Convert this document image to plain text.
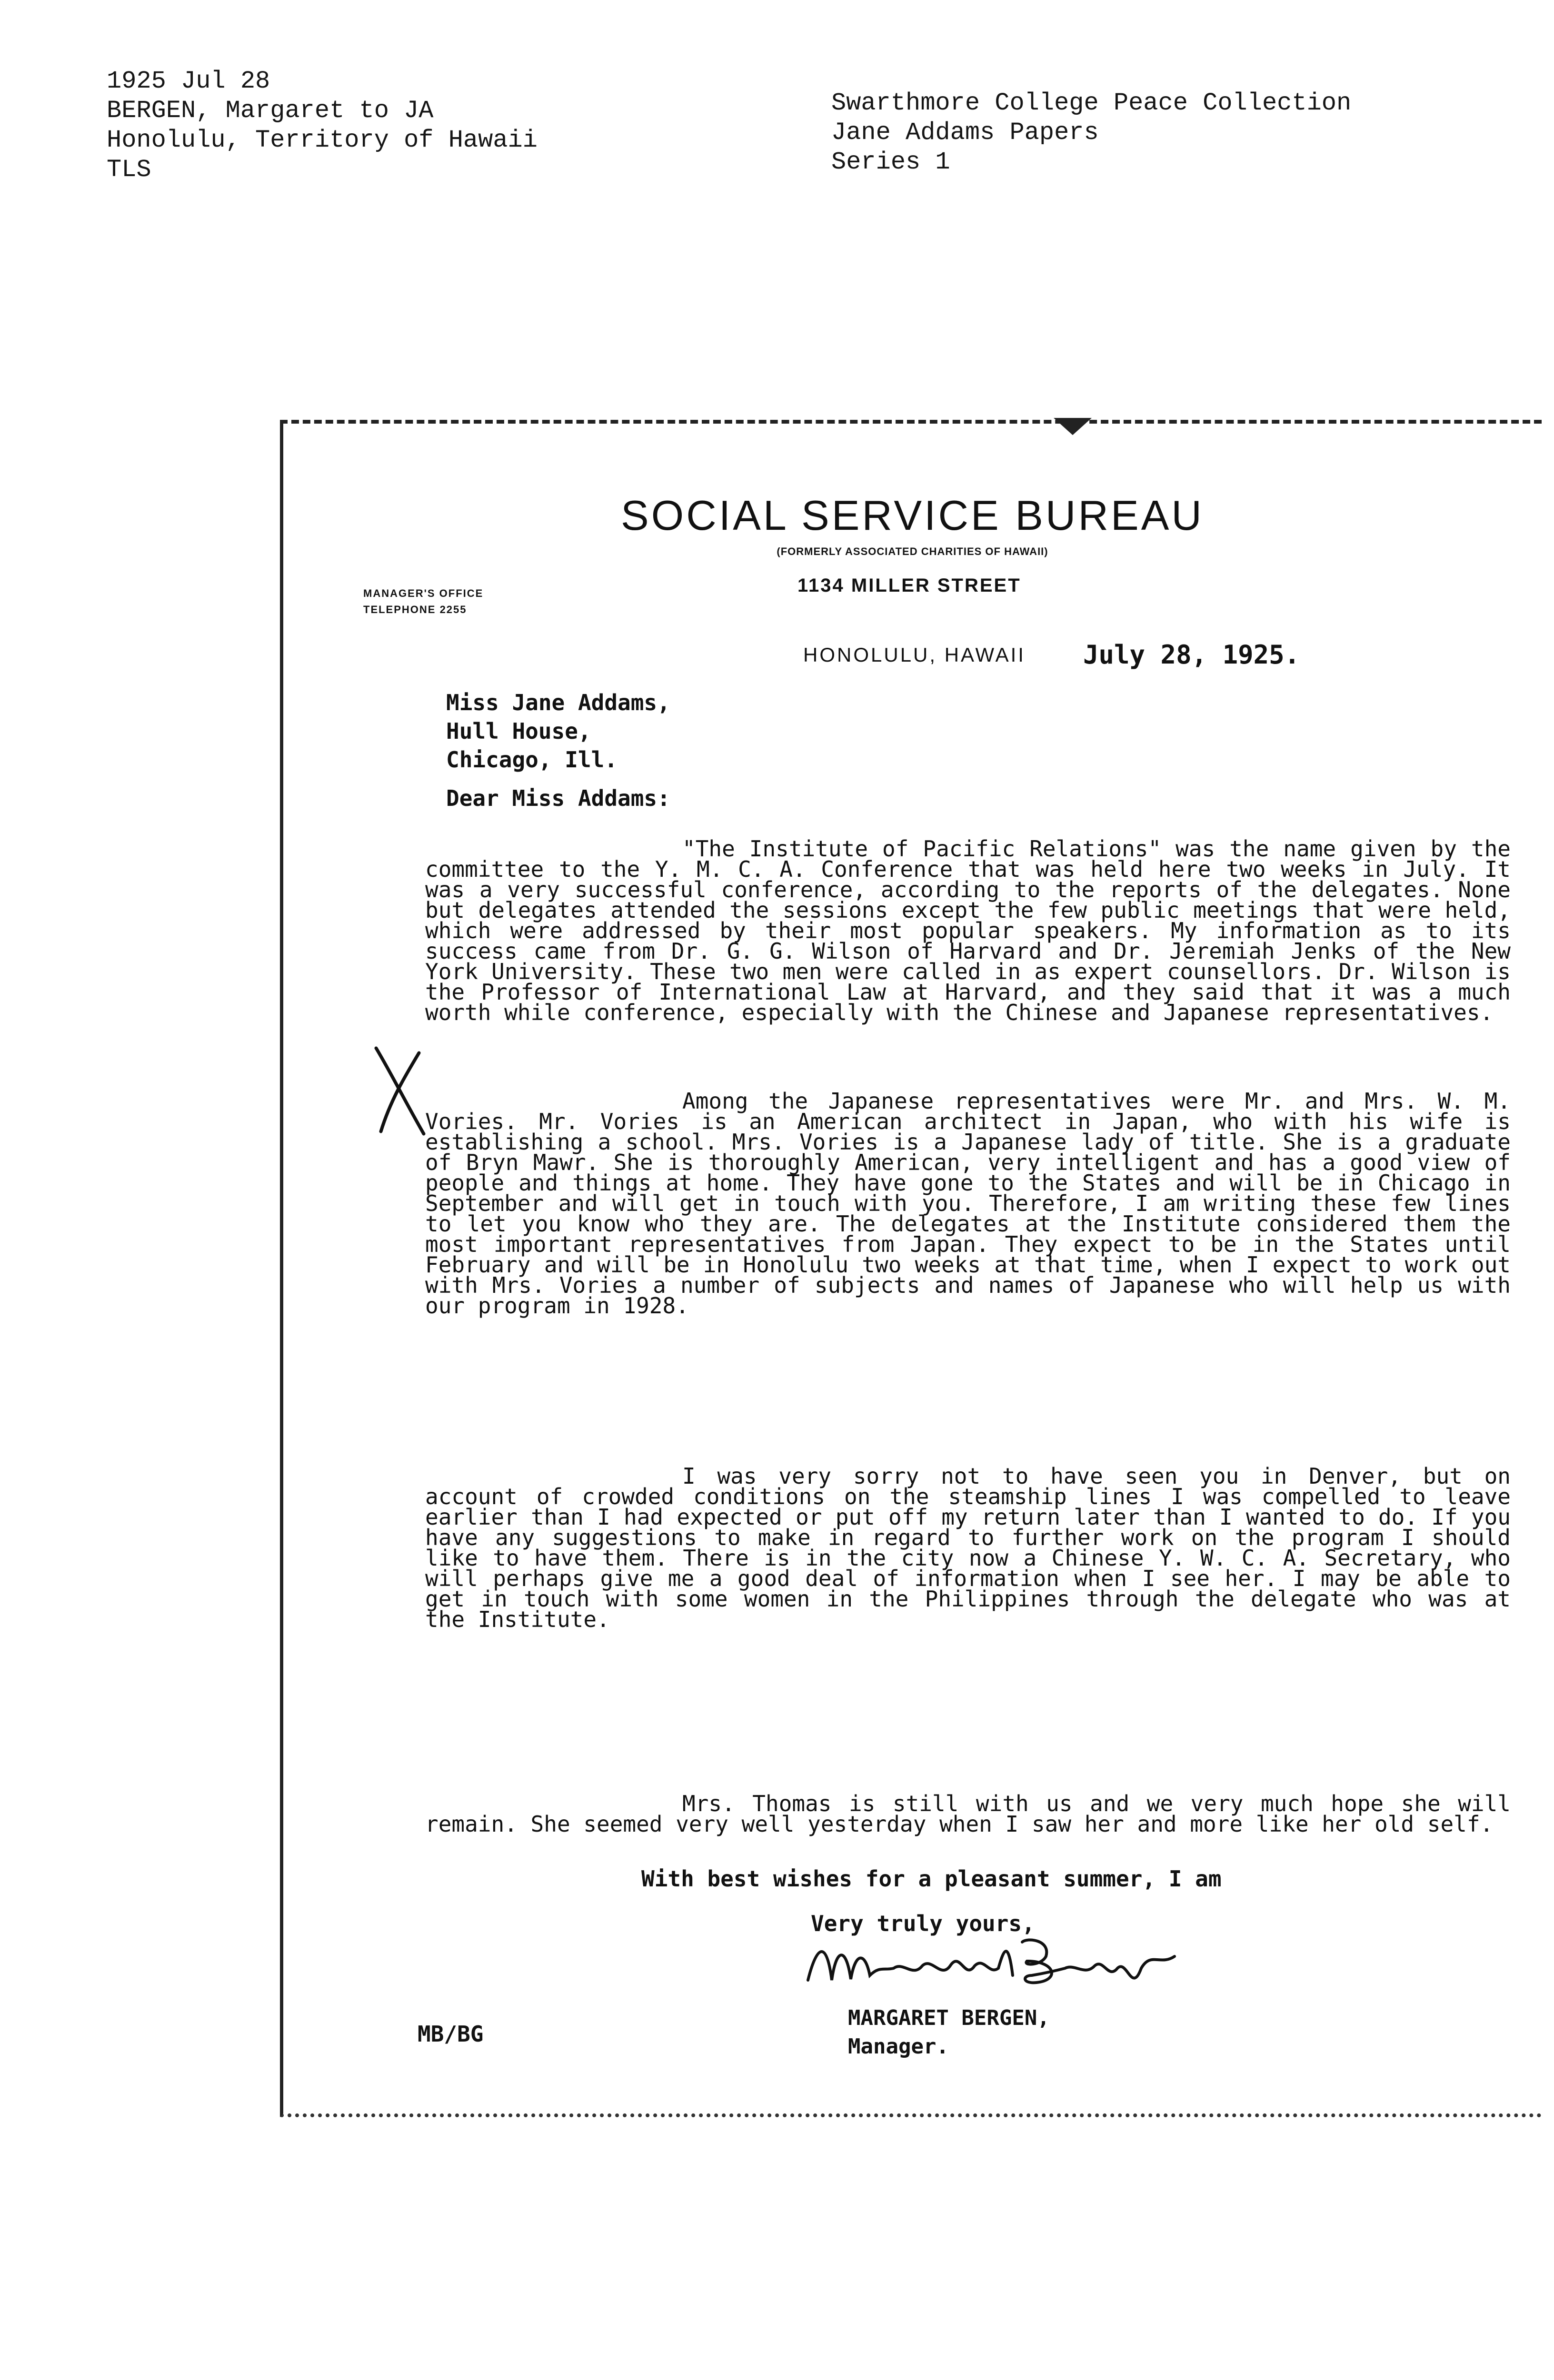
1925 Jul 28
BERGEN, Margaret to JA
Honolulu, Territory of Hawaii
TLS
Swarthmore College Peace Collection
Jane Addams Papers
Series 1
SOCIAL SERVICE BUREAU
(FORMERLY ASSOCIATED CHARITIES OF HAWAII)
MANAGER'S OFFICE
TELEPHONE 2255
1134 MILLER STREET
HONOLULU, HAWAII July 28, 1925.
Miss Jane Addams,
Hull House,
Chicago, Ill.
Dear Miss Addams:
"The Institute of Pacific Relations" was the name given by the committee to the Y. M. C. A. Conference that was held here two weeks in July. It was a very successful conference, according to the reports of the delegates. None but delegates attended the sessions except the few public meetings that were held, which were addressed by their most popular speakers. My information as to its success came from Dr. G. G. Wilson of Harvard and Dr. Jeremiah Jenks of the New York University. These two men were called in as expert counsellors. Dr. Wilson is the Professor of International Law at Harvard, and they said that it was a much worth while conference, especially with the Chinese and Japanese representatives.
Among the Japanese representatives were Mr. and Mrs. W. M. Vories. Mr. Vories is an American architect in Japan, who with his wife is establishing a school. Mrs. Vories is a Japanese lady of title. She is a graduate of Bryn Mawr. She is thoroughly American, very intelligent and has a good view of people and things at home. They have gone to the States and will be in Chicago in September and will get in touch with you. Therefore, I am writing these few lines to let you know who they are. The delegates at the Institute considered them the most important representatives from Japan. They expect to be in the States until February and will be in Honolulu two weeks at that time, when I expect to work out with Mrs. Vories a number of subjects and names of Japanese who will help us with our program in 1928.
I was very sorry not to have seen you in Denver, but on account of crowded conditions on the steamship lines I was compelled to leave earlier than I had expected or put off my return later than I wanted to do. If you have any suggestions to make in regard to further work on the program I should like to have them. There is in the city now a Chinese Y. W. C. A. Secretary, who will perhaps give me a good deal of information when I see her. I may be able to get in touch with some women in the Philippines through the delegate who was at the Institute.
Mrs. Thomas is still with us and we very much hope she will remain. She seemed very well yesterday when I saw her and more like her old self.
With best wishes for a pleasant summer, I am
Very truly yours,
MARGARET BERGEN,
Manager.
MB/BG
